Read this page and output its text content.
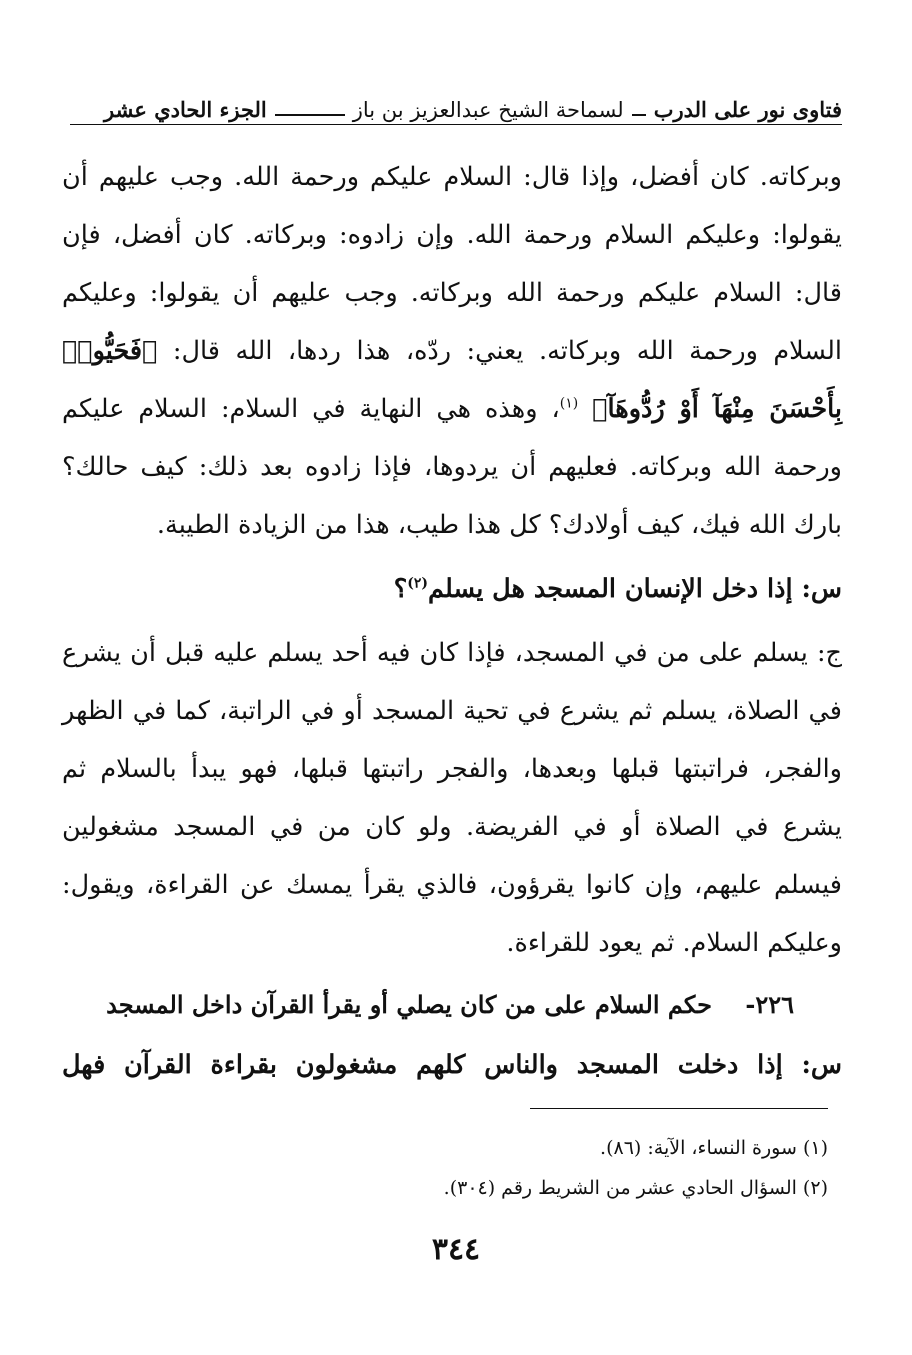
فتاوى نور على الدرب
لسماحة الشيخ عبدالعزيز بن باز
الجزء الحادي عشر

وبركاته. كان أفضل، وإذا قال: السلام عليكم ورحمة الله. وجب عليهم أن يقولوا: وعليكم السلام ورحمة الله. وإن زادوه: وبركاته. كان أفضل، فإن قال: السلام عليكم ورحمة الله وبركاته. وجب عليهم أن يقولوا: وعليكم السلام ورحمة الله وبركاته. يعني: ردّه، هذا ردها، الله قال: ﴿فَحَيُّوا۟ بِأَحْسَنَ مِنْهَآ أَوْ رُدُّوهَآ﴾ $^{(١)}$، وهذه هي النهاية في السلام: السلام عليكم ورحمة الله وبركاته. فعليهم أن يردوها، فإذا زادوه بعد ذلك: كيف حالك؟ بارك الله فيك، كيف أولادك؟ كل هذا طيب، هذا من الزيادة الطيبة.

س: إذا دخل الإنسان المسجد هل يسلم$^{(٢)}$؟

ج: يسلم على من في المسجد، فإذا كان فيه أحد يسلم عليه قبل أن يشرع في الصلاة، يسلم ثم يشرع في تحية المسجد أو في الراتبة، كما في الظهر والفجر، فراتبتها قبلها وبعدها، والفجر راتبتها قبلها، فهو يبدأ بالسلام ثم يشرع في الصلاة أو في الفريضة. ولو كان من في المسجد مشغولين فيسلم عليهم، وإن كانوا يقرؤون، فالذي يقرأ يمسك عن القراءة، ويقول: وعليكم السلام. ثم يعود للقراءة.

٢٢٦-    حكم السلام على من كان يصلي أو يقرأ القرآن داخل المسجد

س: إذا دخلت المسجد والناس كلهم مشغولون بقراءة القرآن فهل

(١) سورة النساء، الآية: (٨٦).
(٢) السؤال الحادي عشر من الشريط رقم (٣٠٤).
٣٤٤
